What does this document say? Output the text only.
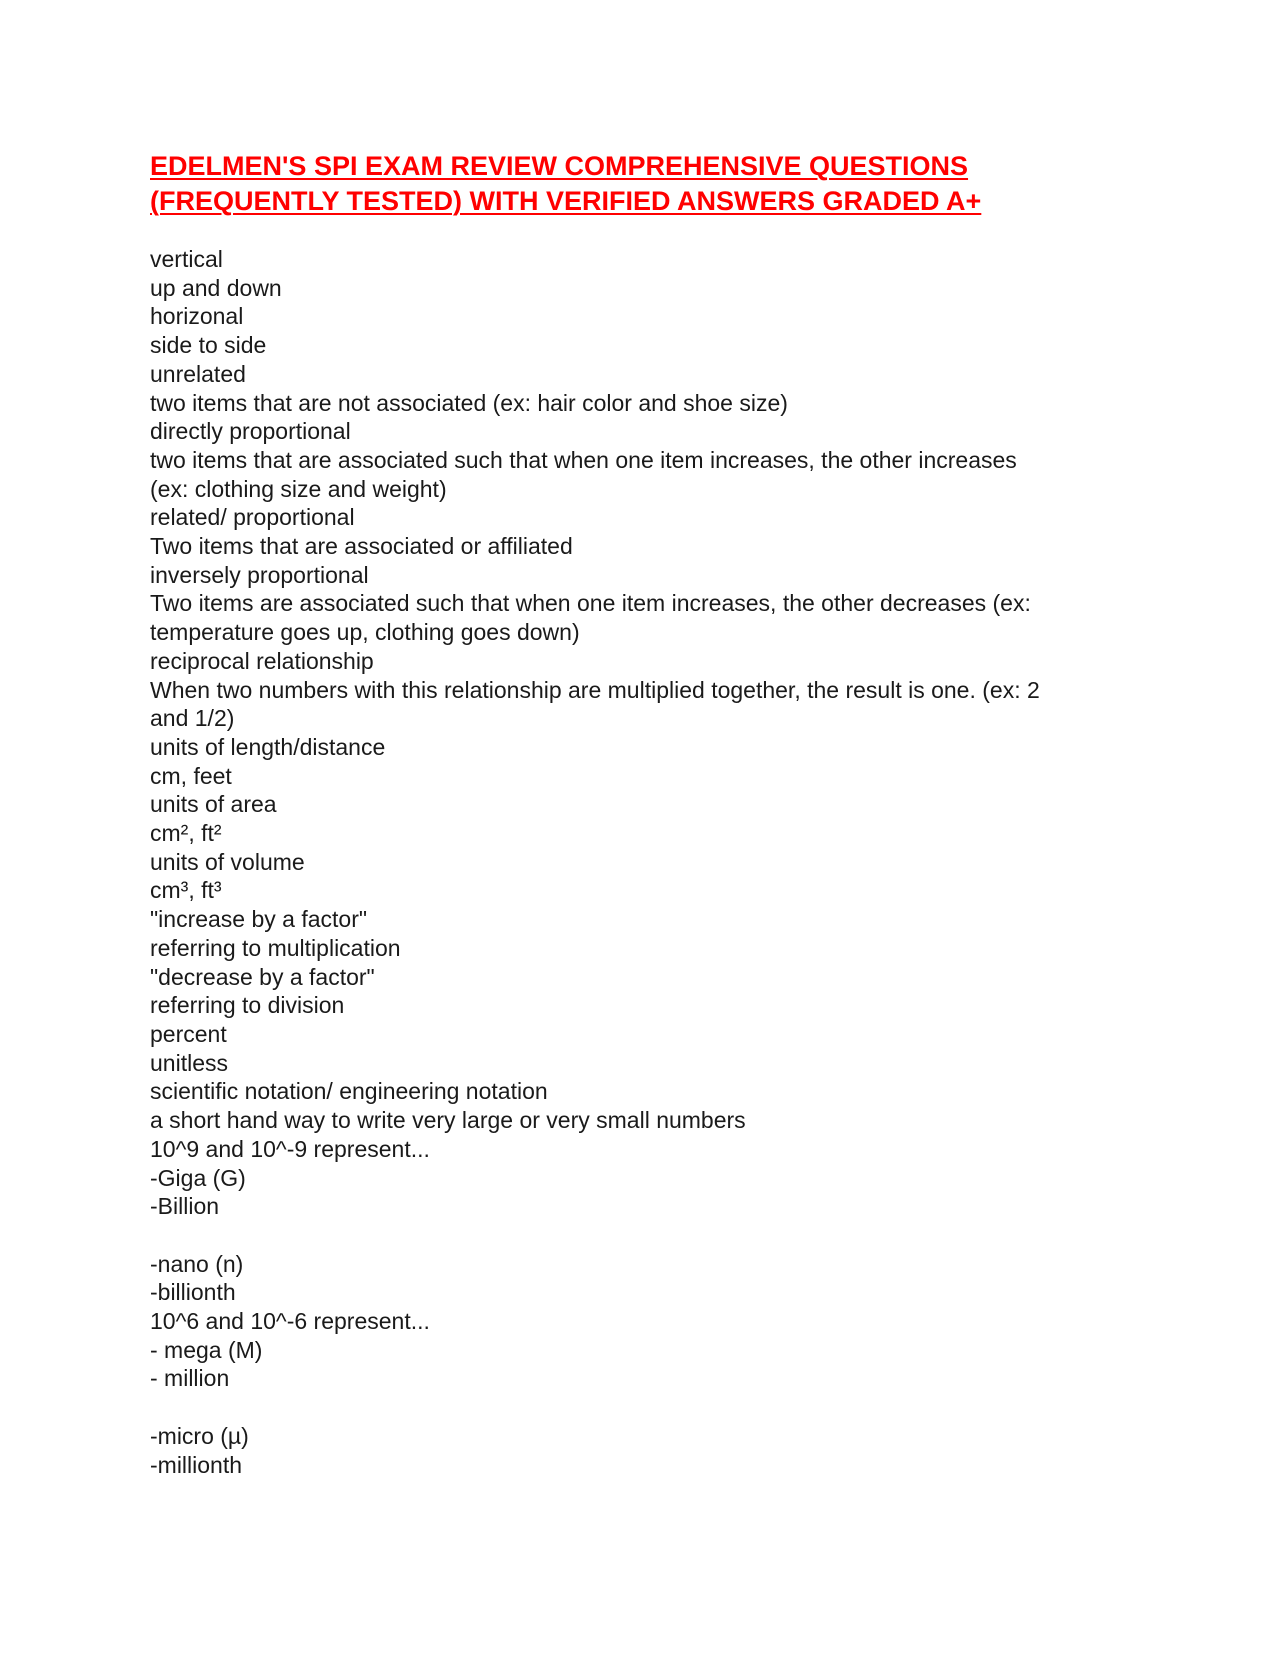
EDELMEN'S SPI EXAM REVIEW COMPREHENSIVE QUESTIONS
(FREQUENTLY TESTED) WITH VERIFIED ANSWERS GRADED A+
vertical
up and down
horizonal
side to side
unrelated
two items that are not associated (ex: hair color and shoe size)
directly proportional
two items that are associated such that when one item increases, the other increases
(ex: clothing size and weight)
related/ proportional
Two items that are associated or affiliated
inversely proportional
Two items are associated such that when one item increases, the other decreases (ex:
temperature goes up, clothing goes down)
reciprocal relationship
When two numbers with this relationship are multiplied together, the result is one. (ex: 2
and 1/2)
units of length/distance
cm, feet
units of area
cm², ft²
units of volume
cm³, ft³
"increase by a factor"
referring to multiplication
"decrease by a factor"
referring to division
percent
unitless
scientific notation/ engineering notation
a short hand way to write very large or very small numbers
10^9 and 10^-9 represent...
-Giga (G)
-Billion
-nano (n)
-billionth
10^6 and 10^-6 represent...
- mega (M)
- million
-micro (µ)
-millionth
